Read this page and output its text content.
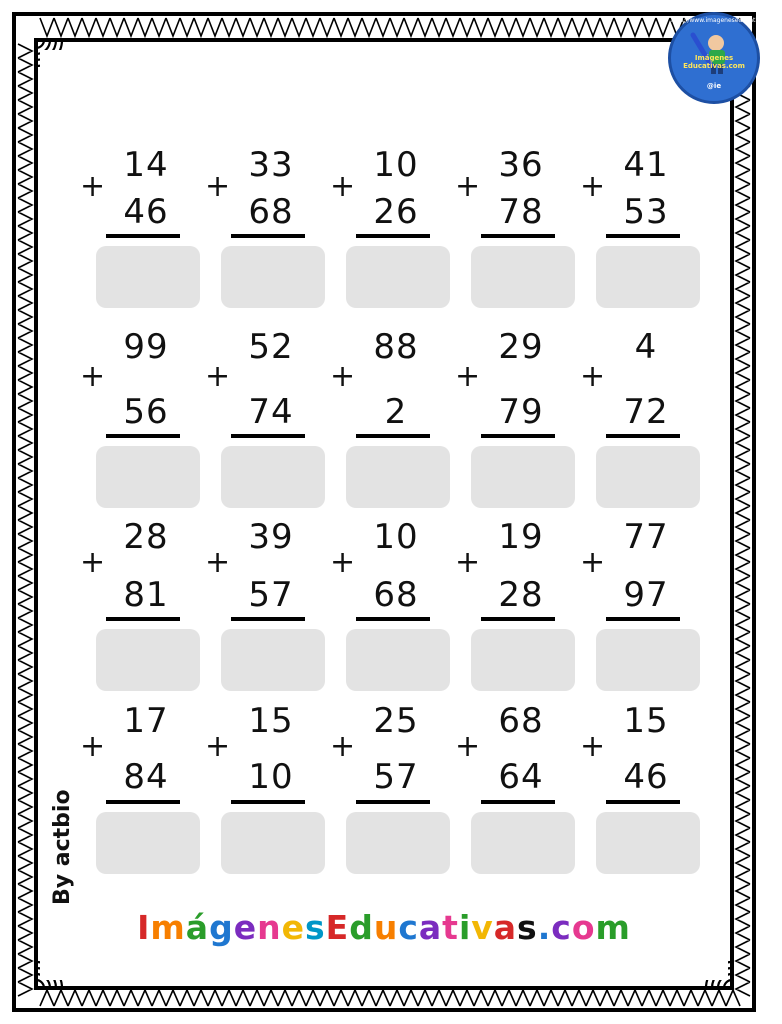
+
14
46
+
33
68
+
10
26
+
36
78
+
41
53
+
99
56
+
52
74
+
88
2
+
29
79
+
4
72
+
28
81
+
39
57
+
10
68
+
19
28
+
77
97
+
17
84
+
15
10
+
25
57
+
68
64
+
15
46
By actbio
ImágenesEducativas.com
http://www.imageneseducativas.com
Imágenes Educativas.com
@ie
